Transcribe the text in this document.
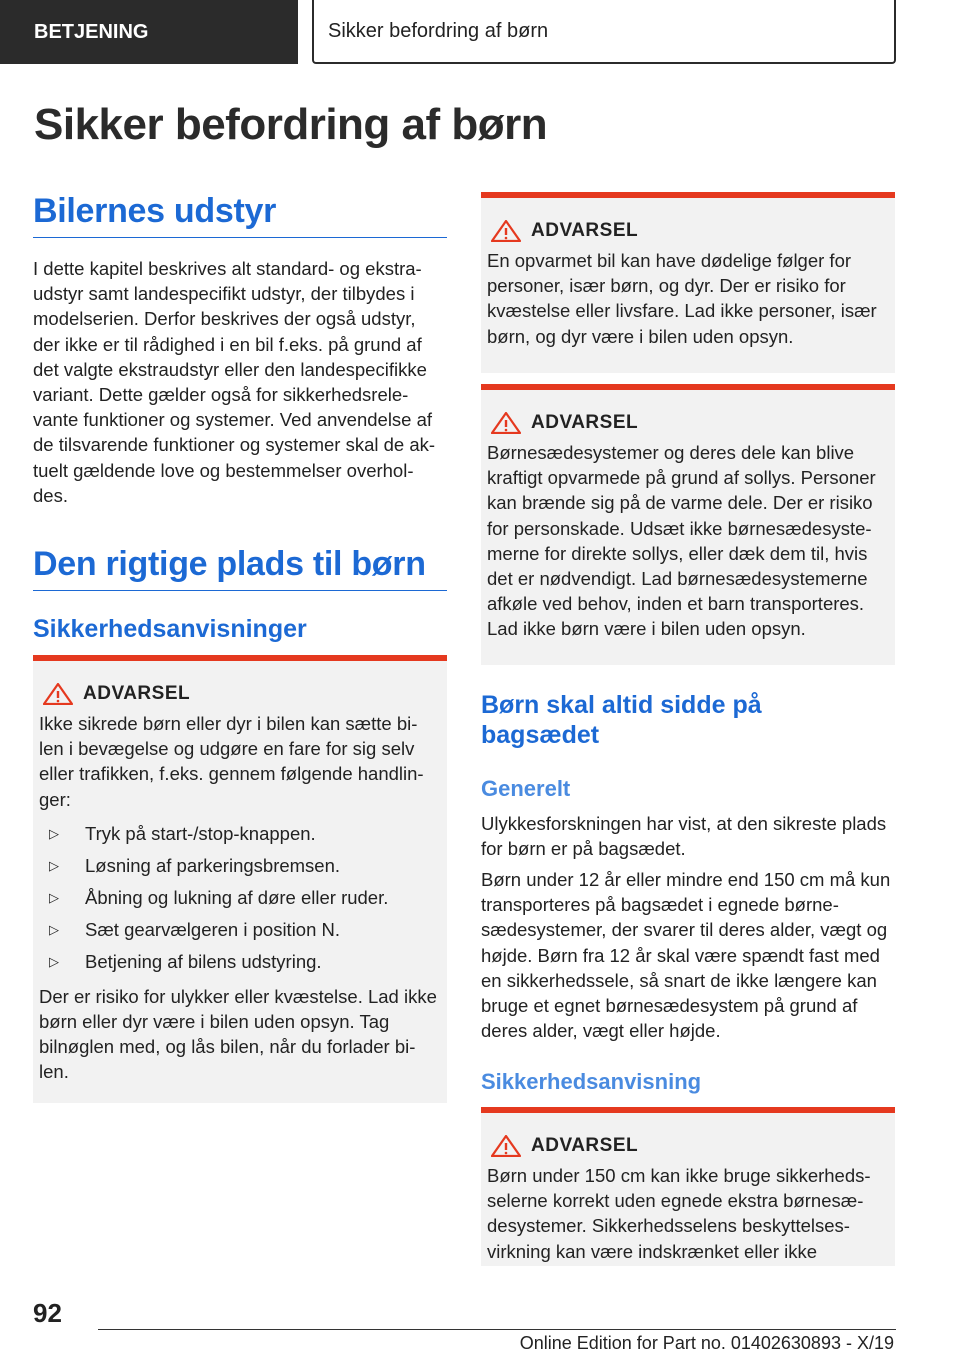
BETJENING	Sikker befordring af børn
Sikker befordring af børn
Bilernes udstyr

I dette kapitel beskrives alt standard- og ekstra-udstyr samt landespecifikt udstyr, der tilbydes i modelserien. Derfor beskrives der også udstyr, der ikke er til rådighed i en bil f.eks. på grund af det valgte ekstraudstyr eller den landespecifikke variant. Dette gælder også for sikkerhedsrele-vante funktioner og systemer. Ved anvendelse af de tilsvarende funktioner og systemer skal de ak-tuelt gældende love og bestemmelser overhol-des.

Den rigtige plads til børn
Sikkerhedsanvisninger
ADVARSEL

Ikke sikrede børn eller dyr i bilen kan sætte bi-len i bevægelse og udgøre en fare for sig selv eller trafikken, f.eks. gennem følgende handlin-ger:

▷	Tryk på start-/stop-knappen.
▷	Løsning af parkeringsbremsen.
▷	Åbning og lukning af døre eller ruder.
▷	Sæt gearvælgeren i position N.
▷	Betjening af bilens udstyring.

Der er risiko for ulykker eller kvæstelse. Lad ikke børn eller dyr være i bilen uden opsyn. Tag bilnøglen med, og lås bilen, når du forlader bi-len.

ADVARSEL

En opvarmet bil kan have dødelige følger for personer, især børn, og dyr. Der er risiko for kvæstelse eller livsfare. Lad ikke personer, især børn, og dyr være i bilen uden opsyn.

ADVARSEL

Børnesædesystemer og deres dele kan blive kraftigt opvarmede på grund af sollys. Personer kan brænde sig på de varme dele. Der er risiko for personskade. Udsæt ikke børnesædesyste-merne for direkte sollys, eller dæk dem til, hvis det er nødvendigt. Lad børnesædesystemerne afkøle ved behov, inden et barn transporteres. Lad ikke børn være i bilen uden opsyn.

Børn skal altid sidde på bagsædet
Generelt

Ulykkesforskningen har vist, at den sikreste plads for børn er på bagsædet.

Børn under 12 år eller mindre end 150 cm må kun transporteres på bagsædet i egnede børne-sædesystemer, der svarer til deres alder, vægt og højde. Børn fra 12 år skal være spændt fast med en sikkerhedssele, så snart de ikke længere kan bruge et egnet børnesædesystem på grund af deres alder, vægt eller højde.

Sikkerhedsanvisning
ADVARSEL

Børn under 150 cm kan ikke bruge sikkerheds-selerne korrekt uden egnede ekstra børnesæ-desystemer. Sikkerhedsselens beskyttelses-virkning kan være indskrænket eller ikke

92

Online Edition for Part no. 01402630893 - X/19
